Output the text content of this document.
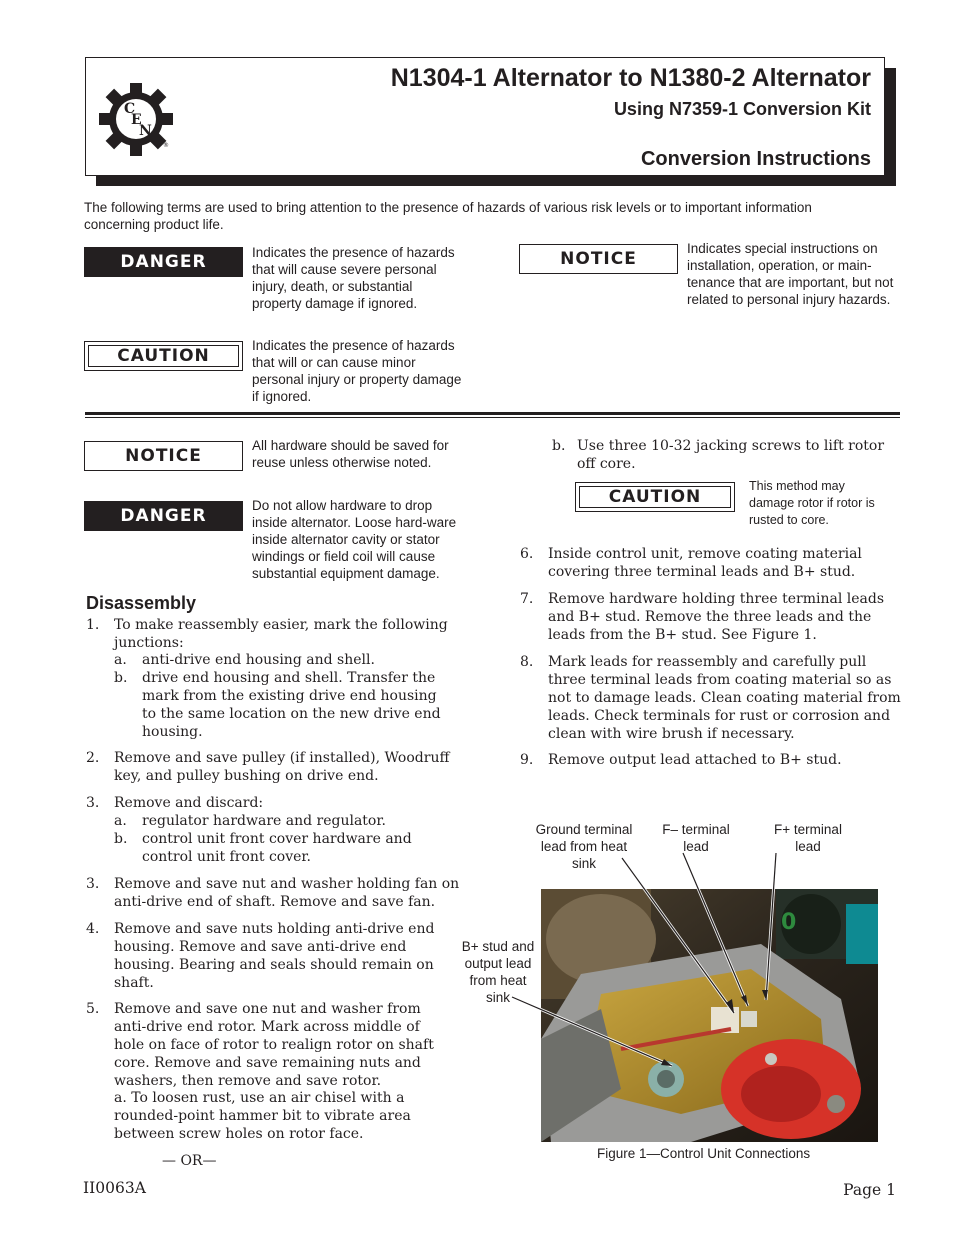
C
E
N
®
N1304-1 Alternator to N1380-2 Alternator
Using N7359-1 Conversion Kit
Conversion Instructions
The following terms are used to bring attention to the presence of hazards of various risk levels or to important information concerning product life.
DANGER	Indicates the presence of hazards that will cause severe personal injury, death, or substantial property damage if ignored.
CAUTION
Indicates the presence of hazards that will or can cause minor personal injury or property damage if ignored.
NOTICE
Indicates special instructions on installation, operation, or main-tenance that are important, but not related to personal injury hazards.
NOTICE
All hardware should be saved for reuse unless otherwise noted.
DANGER
Do not allow hardware to drop inside alternator. Loose hard-ware inside alternator cavity or stator windings or field coil will cause substantial equipment damage.
Disassembly
1. To make reassembly easier, mark the following junctions:
a. anti-drive end housing and shell.
b. drive end housing and shell. Transfer the mark from the existing drive end housing to the same location on the new drive end housing.
2. Remove and save pulley (if installed), Woodruff key, and pulley bushing on drive end.
3. Remove and discard:
a. regulator hardware and regulator.
b. control unit front cover hardware and control unit front cover.
3. Remove and save nut and washer holding fan on anti-drive end of shaft. Remove and save fan.
4. Remove and save nuts holding anti-drive end housing. Remove and save anti-drive end housing. Bearing and seals should remain on shaft.
5. Remove and save one nut and washer from anti-drive end rotor. Mark across middle of hole on face of rotor to realign rotor on shaft core. Remove and save remaining nuts and washers, then remove and save rotor.
a. To loosen rust, use an air chisel with a rounded-point hammer bit to vibrate area between screw holes on rotor face.
— OR—
b. Use three 10-32 jacking screws to lift rotor off core.
CAUTION
This method may damage rotor if rotor is rusted to core.
6. Inside control unit, remove coating material covering three terminal leads and B+ stud.
7. Remove hardware holding three terminal leads and B+ stud. Remove the three leads and the leads from the B+ stud. See Figure 1.
8. Mark leads for reassembly and carefully pull three terminal leads from coating material so as not to damage leads. Clean coating material from leads. Check terminals for rust or corrosion and clean with wire brush if necessary.
9. Remove output lead attached to B+ stud.
Ground terminal lead from heat sink
F– terminal lead
F+ terminal lead
B+ stud and output lead from heat sink
0
Figure 1—Control Unit Connections
II0063A	Page 1
